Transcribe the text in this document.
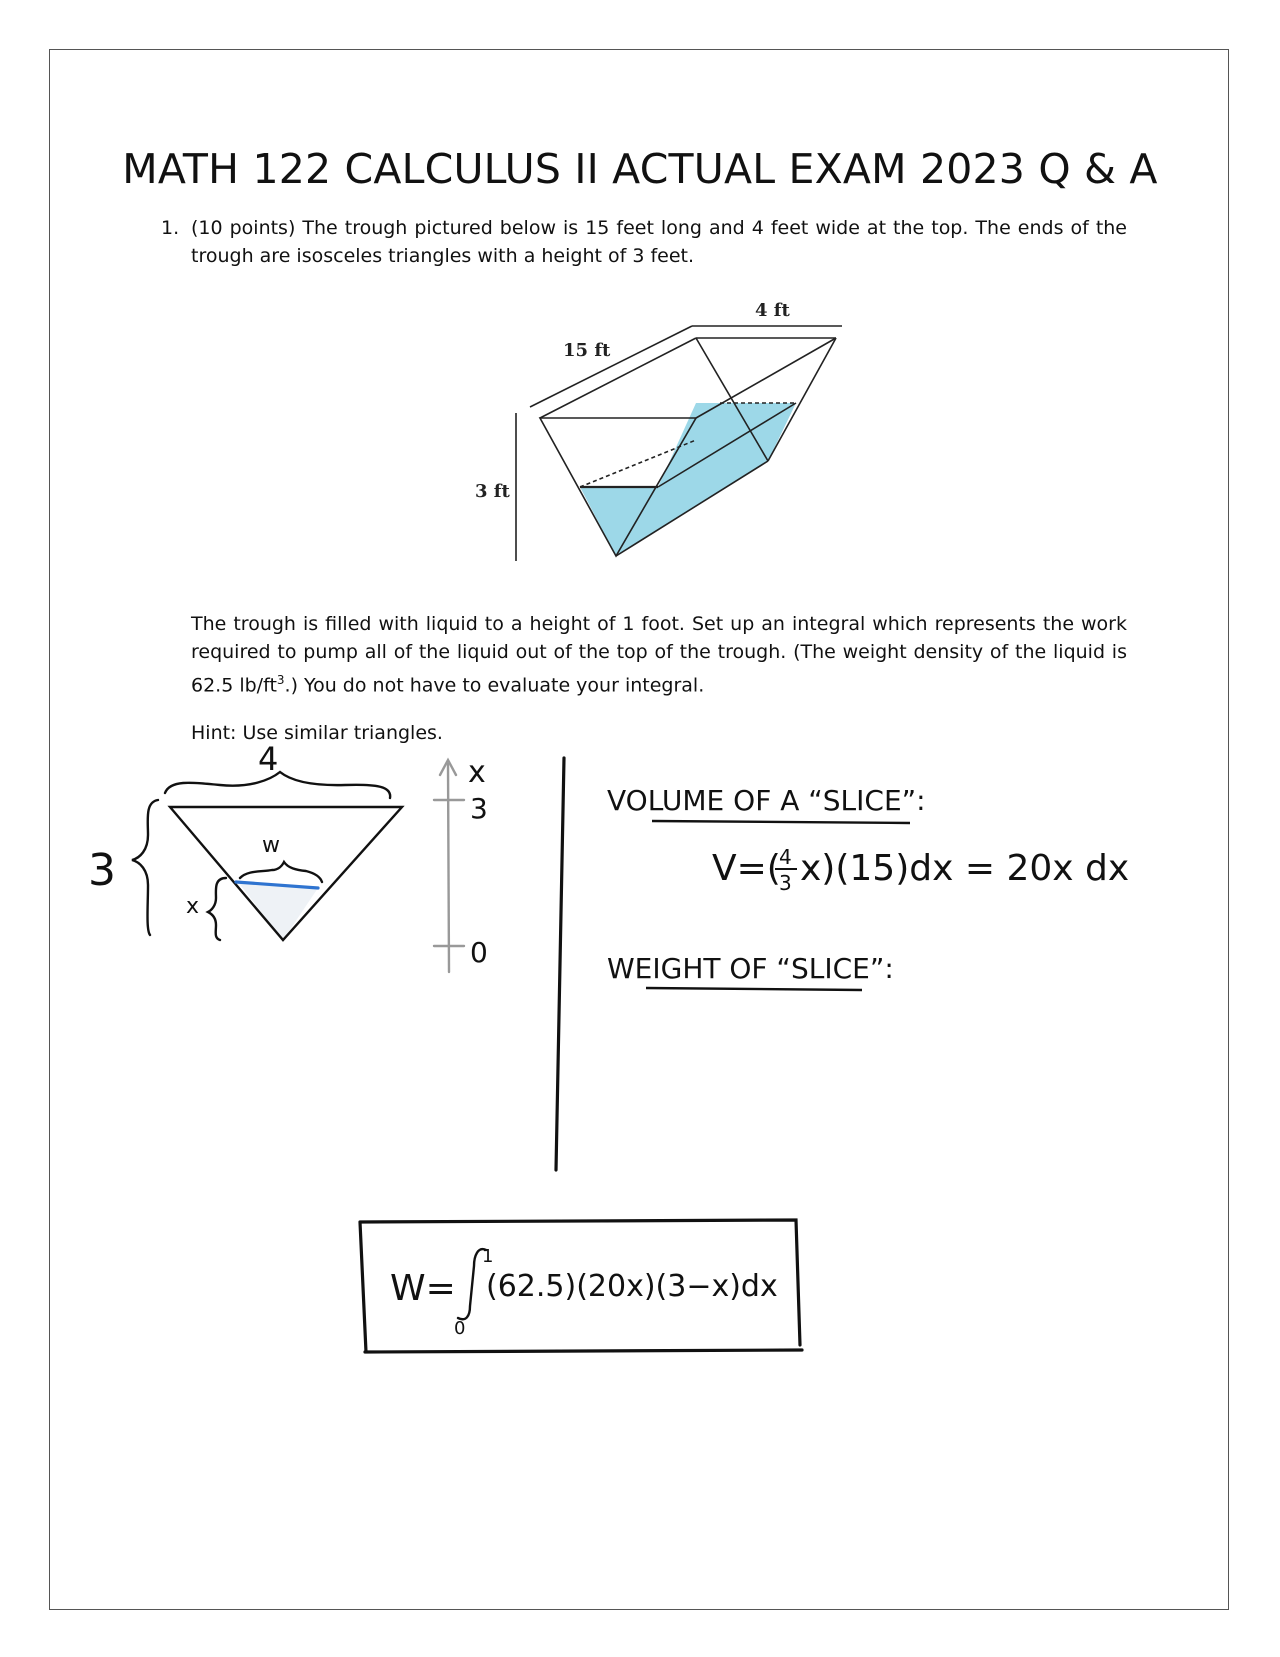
MATH 122 CALCULUS II ACTUAL EXAM 2023 Q & A
1. (10 points) The trough pictured below is 15 feet long and 4 feet wide at the top. The ends of the trough are isosceles triangles with a height of 3 feet.
The trough is filled with liquid to a height of 1 foot. Set up an integral which represents the work required to pump all of the liquid out of the top of the trough. (The weight density of the liquid is 62.5 $lb/ft^3$.) You do not have to evaluate your integral.
Hint: Use similar triangles.
15 ft
4 ft
3 ft
4
3	w
x
x
3
0
VOLUME OF A “SLICE”:
V=(
4
3 x)(15)dx = 20x dx
WEIGHT OF “SLICE”:
W=
1
0
(62.5)(20x)(3−x)dx
